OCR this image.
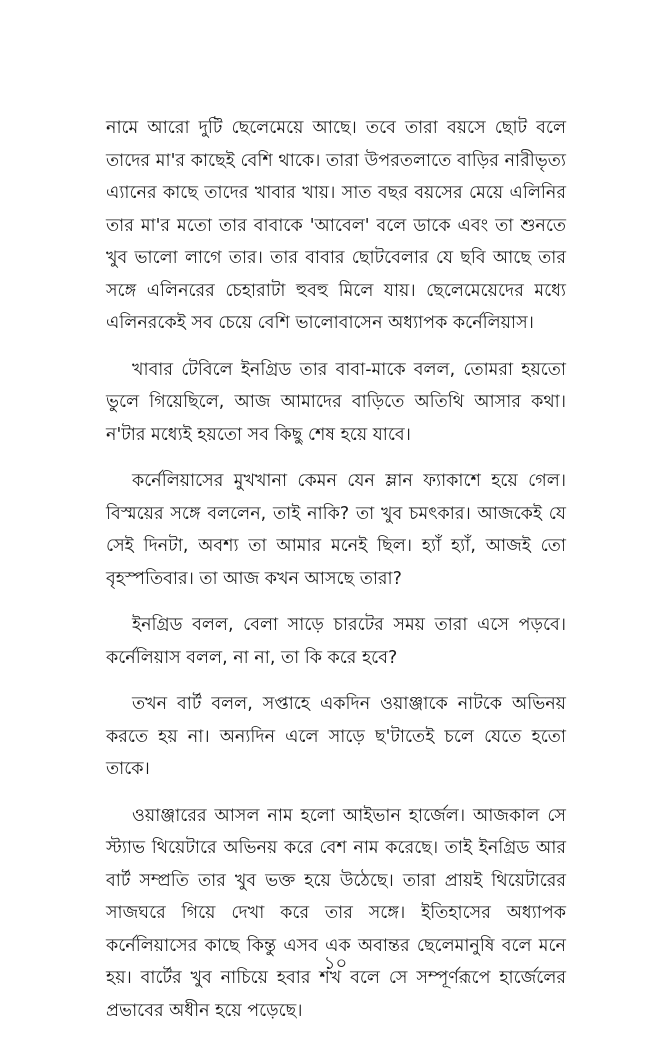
নামে আরো দুটি ছেলেমেয়ে আছে। তবে তারা বয়সে ছোট বলে তাদের মা'র কাছেই বেশি থাকে। তারা উপরতলাতে বাড়ির নারীভৃত্য এ্যানের কাছে তাদের খাবার খায়। সাত বছর বয়সের মেয়ে এলিনির তার মা'র মতো তার বাবাকে 'আবেল' বলে ডাকে এবং তা শুনতে খুব ভালো লাগে তার। তার বাবার ছোটবেলার যে ছবি আছে তার সঙ্গে এলিনরের চেহারাটা হুবহু মিলে যায়। ছেলেমেয়েদের মধ্যে এলিনরকেই সব চেয়ে বেশি ভালোবাসেন অধ্যাপক কর্নেলিয়াস।

খাবার টেবিলে ইনগ্রিড তার বাবা-মাকে বলল, তোমরা হয়তো ভুলে গিয়েছিলে, আজ আমাদের বাড়িতে অতিথি আসার কথা। ন'টার মধ্যেই হয়তো সব কিছু শেষ হয়ে যাবে।

কর্নেলিয়াসের মুখখানা কেমন যেন ম্লান ফ্যাকাশে হয়ে গেল। বিস্ময়ের সঙ্গে বললেন, তাই নাকি? তা খুব চমৎকার। আজকেই যে সেই দিনটা, অবশ্য তা আমার মনেই ছিল। হ্যাঁ হ্যাঁ, আজই তো বৃহস্পতিবার। তা আজ কখন আসছে তারা?

ইনগ্রিড বলল, বেলা সাড়ে চারটের সময় তারা এসে পড়বে। কর্নেলিয়াস বলল, না না, তা কি করে হবে?

তখন বার্ট বলল, সপ্তাহে একদিন ওয়াঞ্জাকে নাটকে অভিনয় করতে হয় না। অন্যদিন এলে সাড়ে ছ'টাতেই চলে যেতে হতো তাকে।

ওয়াঞ্জারের আসল নাম হলো আইভান হার্জেল। আজকাল সে স্ট্যাভ থিয়েটারে অভিনয় করে বেশ নাম করেছে। তাই ইনগ্রিড আর বার্ট সম্প্রতি তার খুব ভক্ত হয়ে উঠেছে। তারা প্রায়ই থিয়েটারের সাজঘরে গিয়ে দেখা করে তার সঙ্গে। ইতিহাসের অধ্যাপক কর্নেলিয়াসের কাছে কিন্তু এসব এক অবান্তর ছেলেমানুষি বলে মনে হয়। বার্টের খুব নাচিয়ে হবার শখ বলে সে সম্পূর্ণরূপে হার্জেলের প্রভাবের অধীন হয়ে পড়েছে।

১০
